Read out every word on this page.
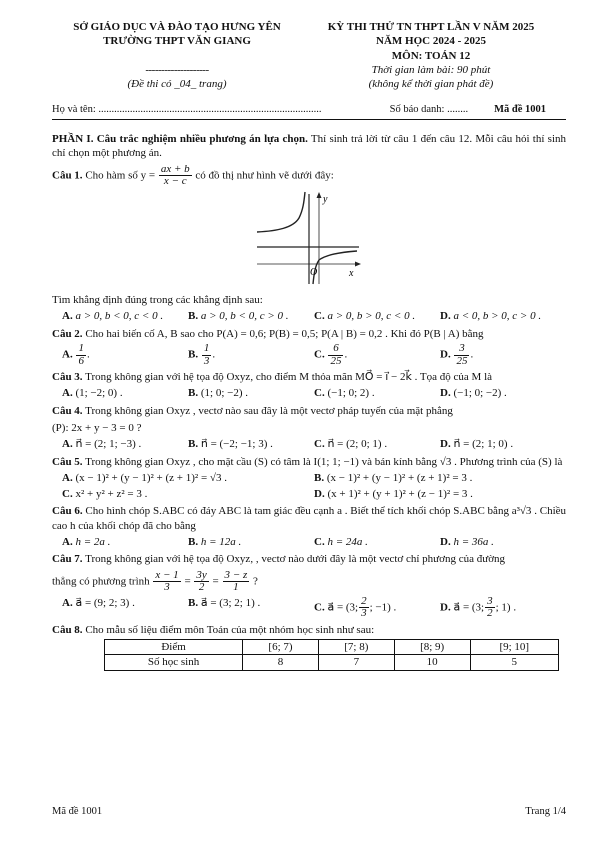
SỞ GIÁO DỤC VÀ ĐÀO TẠO HƯNG YÊN
TRƯỜNG THPT VĂN GIANG
--------------------
(Đề thi có _04_ trang)
KỲ THI THỬ TN THPT LẦN V NĂM 2025
NĂM HỌC 2024 - 2025
MÔN: TOÁN 12
Thời gian làm bài: 90 phút
(không kể thời gian phát đề)
Họ và tên: .....................................................................................	Số báo danh: ........ Mã đề 1001
PHẦN I. Câu trắc nghiệm nhiều phương án lựa chọn. Thí sinh trả lời từ câu 1 đến câu 12. Mỗi câu hỏi thí sinh chỉ chọn một phương án.
Câu 1. Cho hàm số $y = \frac{ax + b}{x - c}$ có đồ thị như hình vẽ dưới đây:
y
x
O
Tìm khẳng định đúng trong các khẳng định sau:
A. a > 0, b < 0, c < 0 .	B. a > 0, b < 0, c > 0 .	C. a > 0, b > 0, c < 0 .	D. a < 0, b > 0, c > 0 .
Câu 2. Cho hai biến cố A, B sao cho P(A) = 0,6; P(B) = 0,5; P(A | B) = 0,2 . Khi đó P(B | A) bằng
A. $\frac{1}{6}$ .	B. $\frac{1}{3}$ .	C. $\frac{6}{25}$ .	D. $\frac{3}{25}$ .
Câu 3. Trong không gian với hệ tọa độ Oxyz, cho điểm M thỏa mãn MO⃗ = i⃗ − 2k⃗ . Tọa độ của M là
A. (1; −2; 0) .	B. (1; 0; −2) .	C. (−1; 0; 2) .	D. (−1; 0; −2) .
Câu 4. Trong không gian Oxyz , vectơ nào sau đây là một vectơ pháp tuyến của mặt phẳng
(P): 2x + y − 3 = 0 ?
A. n⃗ = (2; 1; −3) .	B. n⃗ = (−2; −1; 3) .	C. n⃗ = (2; 0; 1) .	D. n⃗ = (2; 1; 0) .
Câu 5. Trong không gian Oxyz , cho mặt cầu (S) có tâm là I(1; 1; −1) và bán kính bằng √3 . Phương trình của (S) là
A. (x − 1)² + (y − 1)² + (z + 1)² = √3 .	B. (x − 1)² + (y − 1)² + (z + 1)² = 3 .
C. x² + y² + z² = 3 .	D. (x + 1)² + (y + 1)² + (z − 1)² = 3 .
Câu 6. Cho hình chóp S.ABC có đáy ABC là tam giác đều cạnh a . Biết thể tích khối chóp S.ABC bằng a³√3 . Chiều cao h của khối chóp đã cho bằng
A. h = 2a .	B. h = 12a .	C. h = 24a .	D. h = 36a .
Câu 7. Trong không gian với hệ tọa độ Oxyz, , vectơ nào dưới đây là một vectơ chỉ phương của đường
thẳng có phương trình $\frac{x - 1}{3} = \frac{3y}{2} = \frac{3 - z}{1}$ ?
A. a⃗ = (9; 2; 3) .	B. a⃗ = (3; 2; 1) .	C. a⃗ = (3; $\frac{2}{3}$ ; −1) .	D. a⃗ = (3; $\frac{3}{2}$ ; 1) .
Câu 8. Cho mẫu số liệu điểm môn Toán của một nhóm học sinh như sau:
Điểm	[6; 7)	[7; 8)	[8; 9)	[9; 10]
Số học sinh	8	7	10	5
Mã đề 1001	Trang 1/4
